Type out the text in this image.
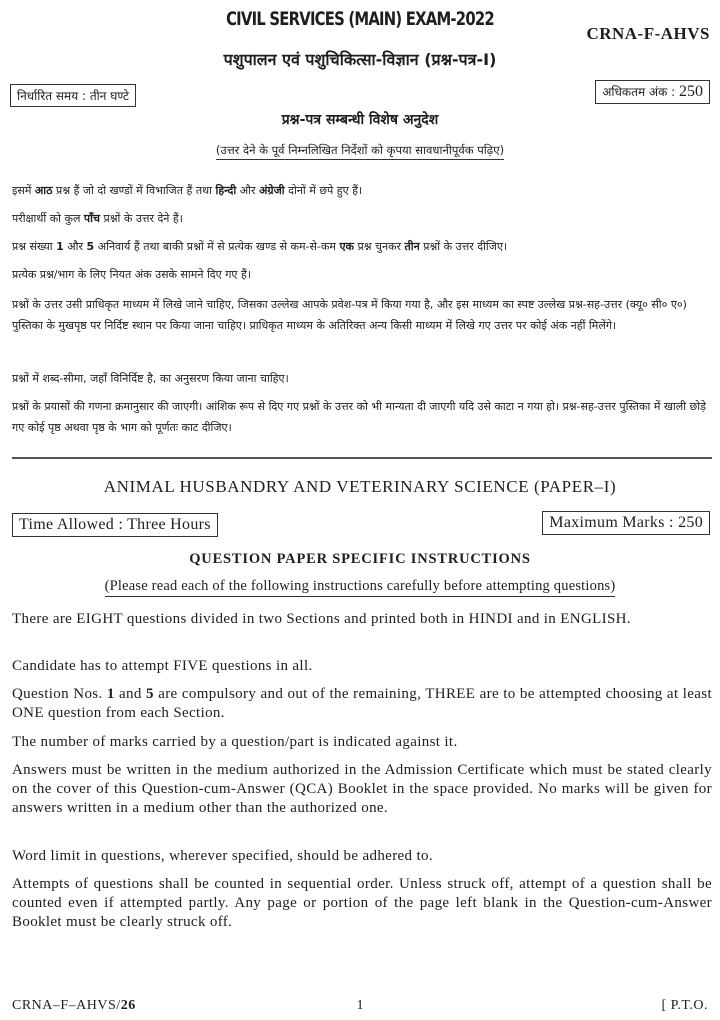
CIVIL SERVICES (MAIN) EXAM-2022
CRNA-F-AHVS
पशुपालन एवं पशुचिकित्सा-विज्ञान (प्रश्न-पत्र-I)
निर्धारित समय : तीन घण्टे	अधिकतम अंक : 250
प्रश्न-पत्र सम्बन्धी विशेष अनुदेश
(उत्तर देने के पूर्व निम्नलिखित निर्देशों को कृपया सावधानीपूर्वक पढ़िए)
इसमें आठ प्रश्न हैं जो दो खण्डों में विभाजित हैं तथा हिन्दी और अंग्रेजी दोनों में छपे हुए हैं।
परीक्षार्थी को कुल पाँच प्रश्नों के उत्तर देने हैं।
प्रश्न संख्या 1 और 5 अनिवार्य हैं तथा बाकी प्रश्नों में से प्रत्येक खण्ड से कम-से-कम एक प्रश्न चुनकर तीन प्रश्नों के उत्तर दीजिए।
प्रत्येक प्रश्न/भाग के लिए नियत अंक उसके सामने दिए गए हैं।
प्रश्नों के उत्तर उसी प्राधिकृत माध्यम में लिखे जाने चाहिए, जिसका उल्लेख आपके प्रवेश-पत्र में किया गया है, और इस माध्यम का स्पष्ट उल्लेख प्रश्न-सह-उत्तर (क्यू० सी० ए०) पुस्तिका के मुखपृष्ठ पर निर्दिष्ट स्थान पर किया जाना चाहिए। प्राधिकृत माध्यम के अतिरिक्त अन्य किसी माध्यम में लिखे गए उत्तर पर कोई अंक नहीं मिलेंगे।
प्रश्नों में शब्द-सीमा, जहाँ विनिर्दिष्ट है, का अनुसरण किया जाना चाहिए।
प्रश्नों के प्रयासों की गणना क्रमानुसार की जाएगी। आंशिक रूप से दिए गए प्रश्नों के उत्तर को भी मान्यता दी जाएगी यदि उसे काटा न गया हो। प्रश्न-सह-उत्तर पुस्तिका में खाली छोड़े गए कोई पृष्ठ अथवा पृष्ठ के भाग को पूर्णतः काट दीजिए।
ANIMAL HUSBANDRY AND VETERINARY SCIENCE (PAPER–I)
Time Allowed : Three Hours	Maximum Marks : 250
QUESTION PAPER SPECIFIC INSTRUCTIONS
(Please read each of the following instructions carefully before attempting questions)
There are EIGHT questions divided in two Sections and printed both in HINDI and in ENGLISH.
Candidate has to attempt FIVE questions in all.
Question Nos. 1 and 5 are compulsory and out of the remaining, THREE are to be attempted choosing at least ONE question from each Section.
The number of marks carried by a question/part is indicated against it.
Answers must be written in the medium authorized in the Admission Certificate which must be stated clearly on the cover of this Question-cum-Answer (QCA) Booklet in the space provided. No marks will be given for answers written in a medium other than the authorized one.
Word limit in questions, wherever specified, should be adhered to.
Attempts of questions shall be counted in sequential order. Unless struck off, attempt of a question shall be counted even if attempted partly. Any page or portion of the page left blank in the Question-cum-Answer Booklet must be clearly struck off.
CRNA–F–AHVS/26	1	[ P.T.O.
